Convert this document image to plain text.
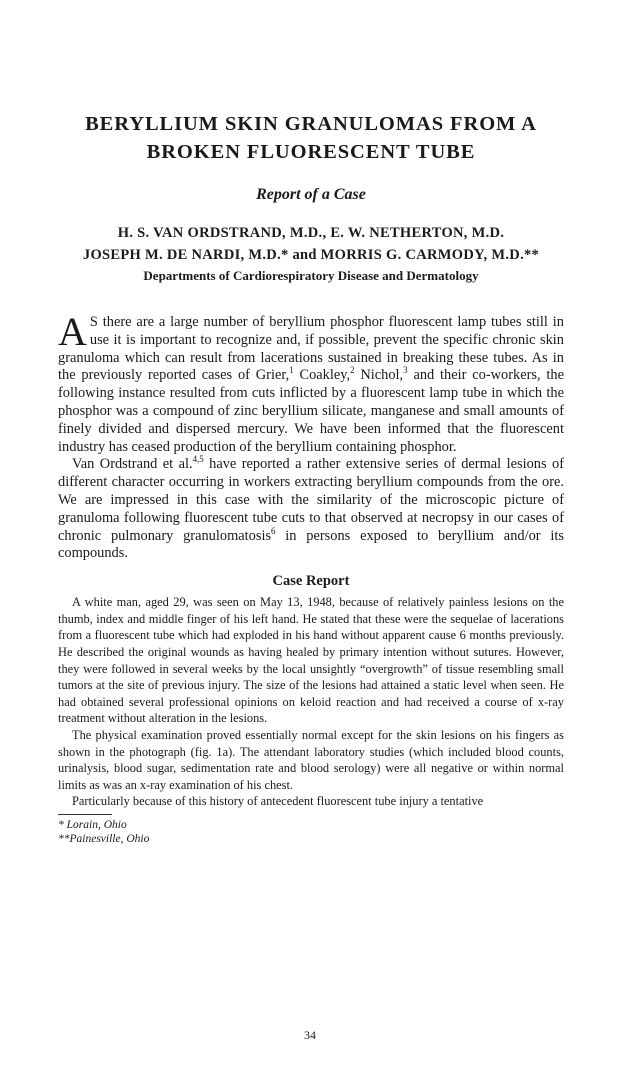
BERYLLIUM SKIN GRANULOMAS FROM A
BROKEN FLUORESCENT TUBE
Report of a Case
H. S. VAN ORDSTRAND, M.D., E. W. NETHERTON, M.D.
JOSEPH M. DE NARDI, M.D.* and MORRIS G. CARMODY, M.D.**
Departments of Cardiorespiratory Disease and Dermatology

A S there are a large number of beryllium phosphor fluorescent lamp tubes still in use it is important to recognize and, if possible, prevent the specific chronic skin granuloma which can result from lacerations sustained in breaking these tubes. As in the previously reported cases of Grier,$^1$ Coakley,$^2$ Nichol,$^3$ and their co-workers, the following instance resulted from cuts inflicted by a fluorescent lamp tube in which the phosphor was a compound of zinc beryllium silicate, manganese and small amounts of finely divided and dispersed mercury. We have been informed that the fluorescent industry has ceased production of the beryllium containing phosphor.

Van Ordstrand et al.$^{4,5}$ have reported a rather extensive series of dermal lesions of different character occurring in workers extracting beryllium compounds from the ore. We are impressed in this case with the similarity of the microscopic picture of granuloma following fluorescent tube cuts to that observed at necropsy in our cases of chronic pulmonary granulomatosis$^6$ in persons exposed to beryllium and/or its compounds.

Case Report

A white man, aged 29, was seen on May 13, 1948, because of relatively painless lesions on the thumb, index and middle finger of his left hand. He stated that these were the sequelae of lacerations from a fluorescent tube which had exploded in his hand without apparent cause 6 months previously. He described the original wounds as having healed by primary intention without sutures. However, they were followed in several weeks by the local unsightly “overgrowth” of tissue resembling small tumors at the site of previous injury. The size of the lesions had attained a static level when seen. He had obtained several professional opinions on keloid reaction and had received a course of x-ray treatment without alteration in the lesions.

The physical examination proved essentially normal except for the skin lesions on his fingers as shown in the photograph (fig. 1a). The attendant laboratory studies (which included blood counts, urinalysis, blood sugar, sedimentation rate and blood serology) were all negative or within normal limits as was an x-ray examination of his chest.

Particularly because of this history of antecedent fluorescent tube injury a tentative

* Lorain, Ohio

**Painesville, Ohio

34
